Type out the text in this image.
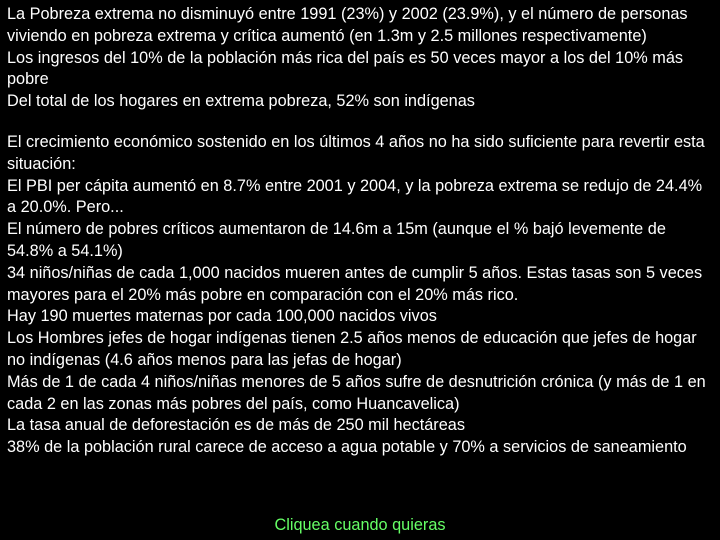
La Pobreza extrema no disminuyó entre 1991 (23%) y 2002 (23.9%), y el número de personas viviendo en pobreza extrema y crítica aumentó (en 1.3m y 2.5 millones respectivamente)

Los ingresos del 10% de la población más rica del país es 50 veces mayor a los del 10% más pobre

Del total de los hogares en extrema pobreza, 52% son indígenas

El crecimiento económico sostenido en los últimos 4 años no ha sido suficiente para revertir esta situación:

El PBI per cápita aumentó en 8.7% entre 2001 y 2004, y la pobreza extrema se redujo de 24.4% a 20.0%. Pero...

El número de pobres críticos aumentaron de 14.6m a 15m (aunque el % bajó levemente de 54.8% a 54.1%)

34 niños/niñas de cada 1,000 nacidos mueren antes de cumplir 5 años. Estas tasas son 5 veces mayores para el 20% más pobre en comparación con el 20% más rico.

Hay 190 muertes maternas por cada 100,000 nacidos vivos

Los Hombres jefes de hogar indígenas tienen 2.5 años menos de educación que jefes de hogar no indígenas (4.6 años menos para las jefas de hogar)

Más de 1 de cada 4 niños/niñas menores de 5 años sufre de desnutrición crónica (y más de 1 en cada 2 en las zonas más pobres del país, como Huancavelica)

La tasa anual de deforestación es de más de 250 mil hectáreas

38% de la población rural carece de acceso a agua potable y 70% a servicios de saneamiento

Cliquea cuando quieras
